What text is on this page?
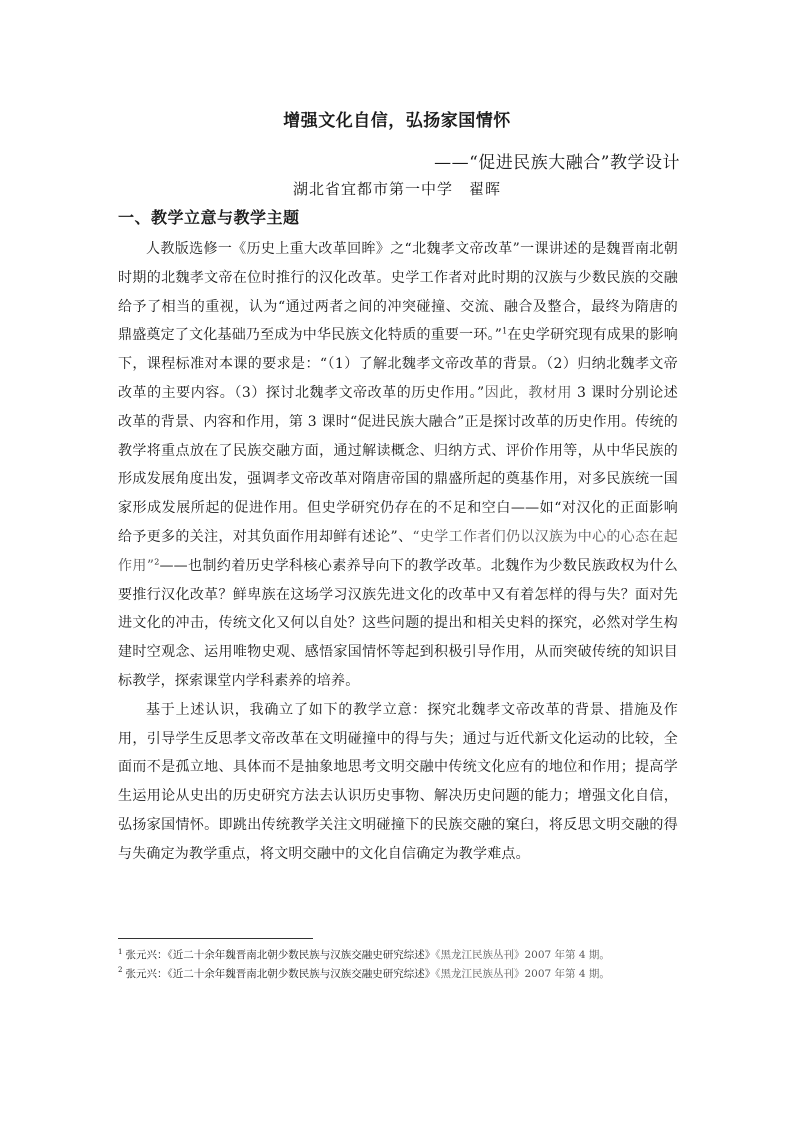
增强文化自信，弘扬家国情怀
——“促进民族大融合”教学设计
湖北省宜都市第一中学　翟晖
一、教学立意与教学主题

人教版选修一《历史上重大改革回眸》之“北魏孝文帝改革”一课讲述的是魏晋南北朝时期的北魏孝文帝在位时推行的汉化改革。史学工作者对此时期的汉族与少数民族的交融给予了相当的重视，认为“通过两者之间的冲突碰撞、交流、融合及整合，最终为隋唐的鼎盛奠定了文化基础乃至成为中华民族文化特质的重要一环。”$^1$在史学研究现有成果的影响下，课程标准对本课的要求是：“（1）了解北魏孝文帝改革的背景。（2）归纳北魏孝文帝改革的主要内容。（3）探讨北魏孝文帝改革的历史作用。”因此，教材用 3 课时分别论述改革的背景、内容和作用，第 3 课时“促进民族大融合”正是探讨改革的历史作用。传统的教学将重点放在了民族交融方面，通过解读概念、归纳方式、评价作用等，从中华民族的形成发展角度出发，强调孝文帝改革对隋唐帝国的鼎盛所起的奠基作用，对多民族统一国家形成发展所起的促进作用。但史学研究仍存在的不足和空白——如“对汉化的正面影响给予更多的关注，对其负面作用却鲜有述论”、“史学工作者们仍以汉族为中心的心态在起作用”$^2$——也制约着历史学科核心素养导向下的教学改革。北魏作为少数民族政权为什么要推行汉化改革？鲜卑族在这场学习汉族先进文化的改革中又有着怎样的得与失？面对先进文化的冲击，传统文化又何以自处？这些问题的提出和相关史料的探究，必然对学生构建时空观念、运用唯物史观、感悟家国情怀等起到积极引导作用，从而突破传统的知识目标教学，探索课堂内学科素养的培养。

基于上述认识，我确立了如下的教学立意：探究北魏孝文帝改革的背景、措施及作用，引导学生反思孝文帝改革在文明碰撞中的得与失；通过与近代新文化运动的比较，全面而不是孤立地、具体而不是抽象地思考文明交融中传统文化应有的地位和作用；提高学生运用论从史出的历史研究方法去认识历史事物、解决历史问题的能力；增强文化自信，弘扬家国情怀。即跳出传统教学关注文明碰撞下的民族交融的窠臼，将反思文明交融的得与失确定为教学重点，将文明交融中的文化自信确定为教学难点。

$^1$ 张元兴：《近二十余年魏晋南北朝少数民族与汉族交融史研究综述》《黑龙江民族丛刊》2007 年第 4 期。

$^2$ 张元兴：《近二十余年魏晋南北朝少数民族与汉族交融史研究综述》《黑龙江民族丛刊》2007 年第 4 期。
